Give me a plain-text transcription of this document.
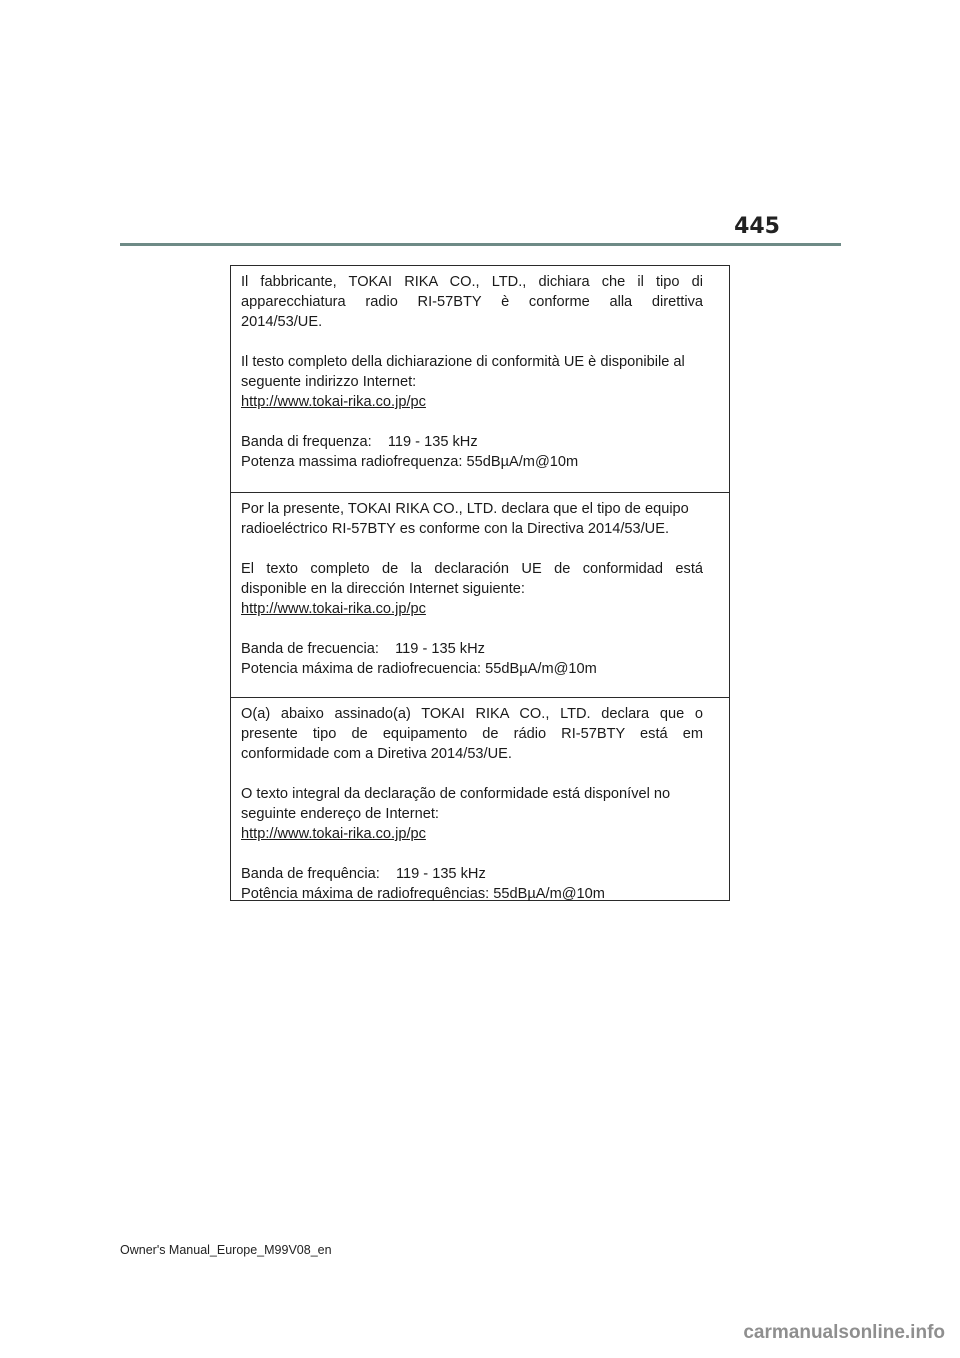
445

Il fabbricante, TOKAI RIKA CO., LTD., dichiara che il tipo di

apparecchiatura radio RI-57BTY è conforme alla direttiva

2014/53/UE.

Il testo completo della dichiarazione di conformità UE è disponibile al

seguente indirizzo Internet:

http://www.tokai-rika.co.jp/pc

Banda di frequenza:    119 - 135 kHz

Potenza massima radiofrequenza: 55dBµA/m@10m

Por la presente, TOKAI RIKA CO., LTD. declara que el tipo de equipo

radioeléctrico RI-57BTY es conforme con la Directiva 2014/53/UE.

El texto completo de la declaración UE de conformidad está

disponible en la dirección Internet siguiente:

http://www.tokai-rika.co.jp/pc

Banda de frecuencia:    119 - 135 kHz

Potencia máxima de radiofrecuencia: 55dBµA/m@10m

O(a) abaixo assinado(a) TOKAI RIKA CO., LTD. declara que o

presente tipo de equipamento de rádio RI-57BTY está em

conformidade com a Diretiva 2014/53/UE.

O texto integral da declaração de conformidade está disponível no

seguinte endereço de Internet:

http://www.tokai-rika.co.jp/pc

Banda de frequência:    119 - 135 kHz

Potência máxima de radiofrequências: 55dBµA/m@10m

Owner's Manual_Europe_M99V08_en
carmanualsonline.info
